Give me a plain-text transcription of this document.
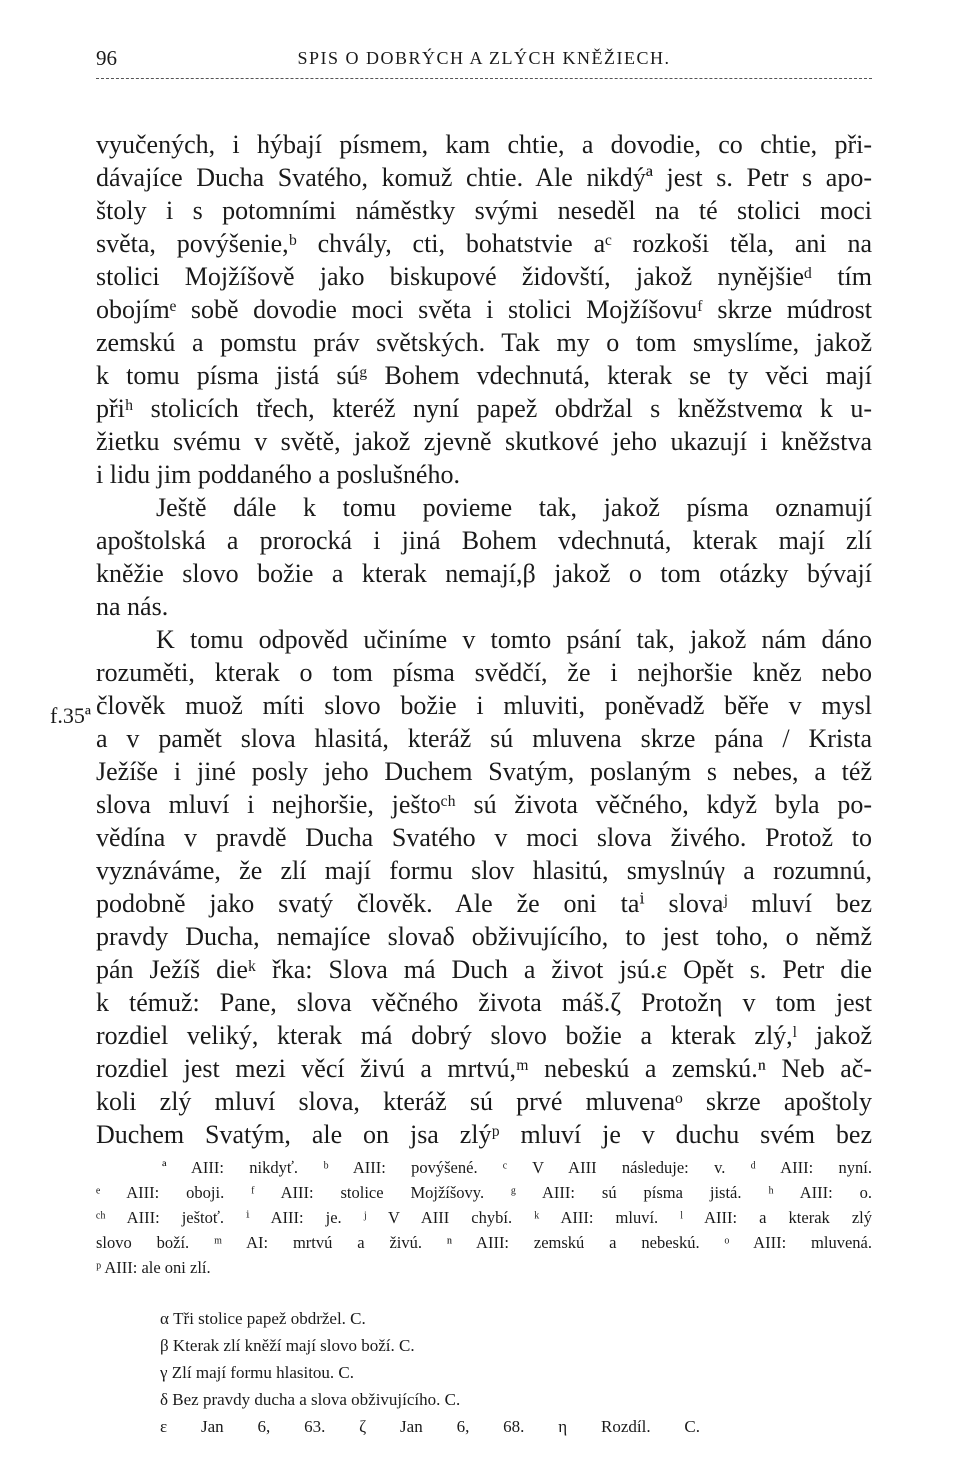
96	SPIS O DOBRÝCH A ZLÝCH KNĚŽIECH.
f.35ª
vyučených, i hýbají písmem, kam chtie, a dovodie, co chtie, při-
dávajíce Ducha Svatého, komuž chtie. Ale nikdýª jest s. Petr s apo-
štoly i s potomními náměstky svými neseděl na té stolici moci
světa, povýšenie,ᵇ chvály, cti, bohatstvie aᶜ rozkoši těla, ani na
stolici Mojžíšově jako biskupové židovští, jakož nynějšieᵈ tím
obojímᵉ sobě dovodie moci světa i stolici Mojžíšovuᶠ skrze múdrost
zemskú a pomstu práv světských. Tak my o tom smyslíme, jakož
k tomu písma jistá súᵍ Bohem vdechnutá, kterak se ty věci mají
přiʰ stolicích třech, kteréž nyní papež obdržal s kněžstvemα k u-
žietku svému v světě, jakož zjevně skutkové jeho ukazují i kněžstva
i lidu jim poddaného a poslušného.
Ještě dále k tomu povieme tak, jakož písma oznamují
apoštolská a prorocká i jiná Bohem vdechnutá, kterak mají zlí
kněžie slovo božie a kterak nemají,β jakož o tom otázky bývají
na nás.
K tomu odpověd učiníme v tomto psání tak, jakož nám dáno
rozuměti, kterak o tom písma svědčí, že i nejhoršie kněz nebo
člověk muož míti slovo božie i mluviti, poněvadž běře v mysl
a v pamět slova hlasitá, kteráž sú mluvena skrze pána / Krista
Ježíše i jiné posly jeho Duchem Svatým, poslaným s nebes, a též
slova mluví i nejhoršie, ještoᶜʰ sú života věčného, když byla po-
vědína v pravdě Ducha Svatého v moci slova živého. Protož to
vyznáváme, že zlí mají formu slov hlasitú, smyslnúγ a rozumnú,
podobně jako svatý člověk. Ale že oni taⁱ slovaʲ mluví bez
pravdy Ducha, nemajíce slovaδ obživujícího, to jest toho, o němž
pán Ježíš dieᵏ řka: Slova má Duch a život jsú.ε Opět s. Petr die
k témuž: Pane, slova věčného života máš.ζ Protožη v tom jest
rozdiel veliký, kterak má dobrý slovo božie a kterak zlý,ˡ jakož
rozdiel jest mezi věcí živú a mrtvú,ᵐ nebeskú a zemskú.ⁿ Neb ač-
koli zlý mluví slova, kteráž sú prvé mluvenaᵒ skrze apoštoly
Duchem Svatým, ale on jsa zlýᵖ mluví je v duchu svém bez
ª AIII: nikdyť. ᵇ AIII: povýšené. ᶜ V AIII následuje: v. ᵈ AIII: nyní.
ᵉ AIII: oboji. ᶠ AIII: stolice Mojžíšovy. ᵍ AIII: sú písma jistá. ʰ AIII: o.
ᶜʰ AIII: ještoť. ⁱ AIII: je. ʲ V AIII chybí. ᵏ AIII: mluví. ˡ AIII: a kterak zlý
slovo boží. ᵐ AI: mrtvú a živú. ⁿ AIII: zemskú a nebeskú. ᵒ AIII: mluvená.
ᵖ AIII: ale oni zlí.
α Tři stolice papež obdržel. C.
β Kterak zlí kněží mají slovo boží. C.
γ Zlí mají formu hlasitou. C.
δ Bez pravdy ducha a slova obživujícího. C.
ε Jan 6, 63. ζ Jan 6, 68. η Rozdíl. C.
